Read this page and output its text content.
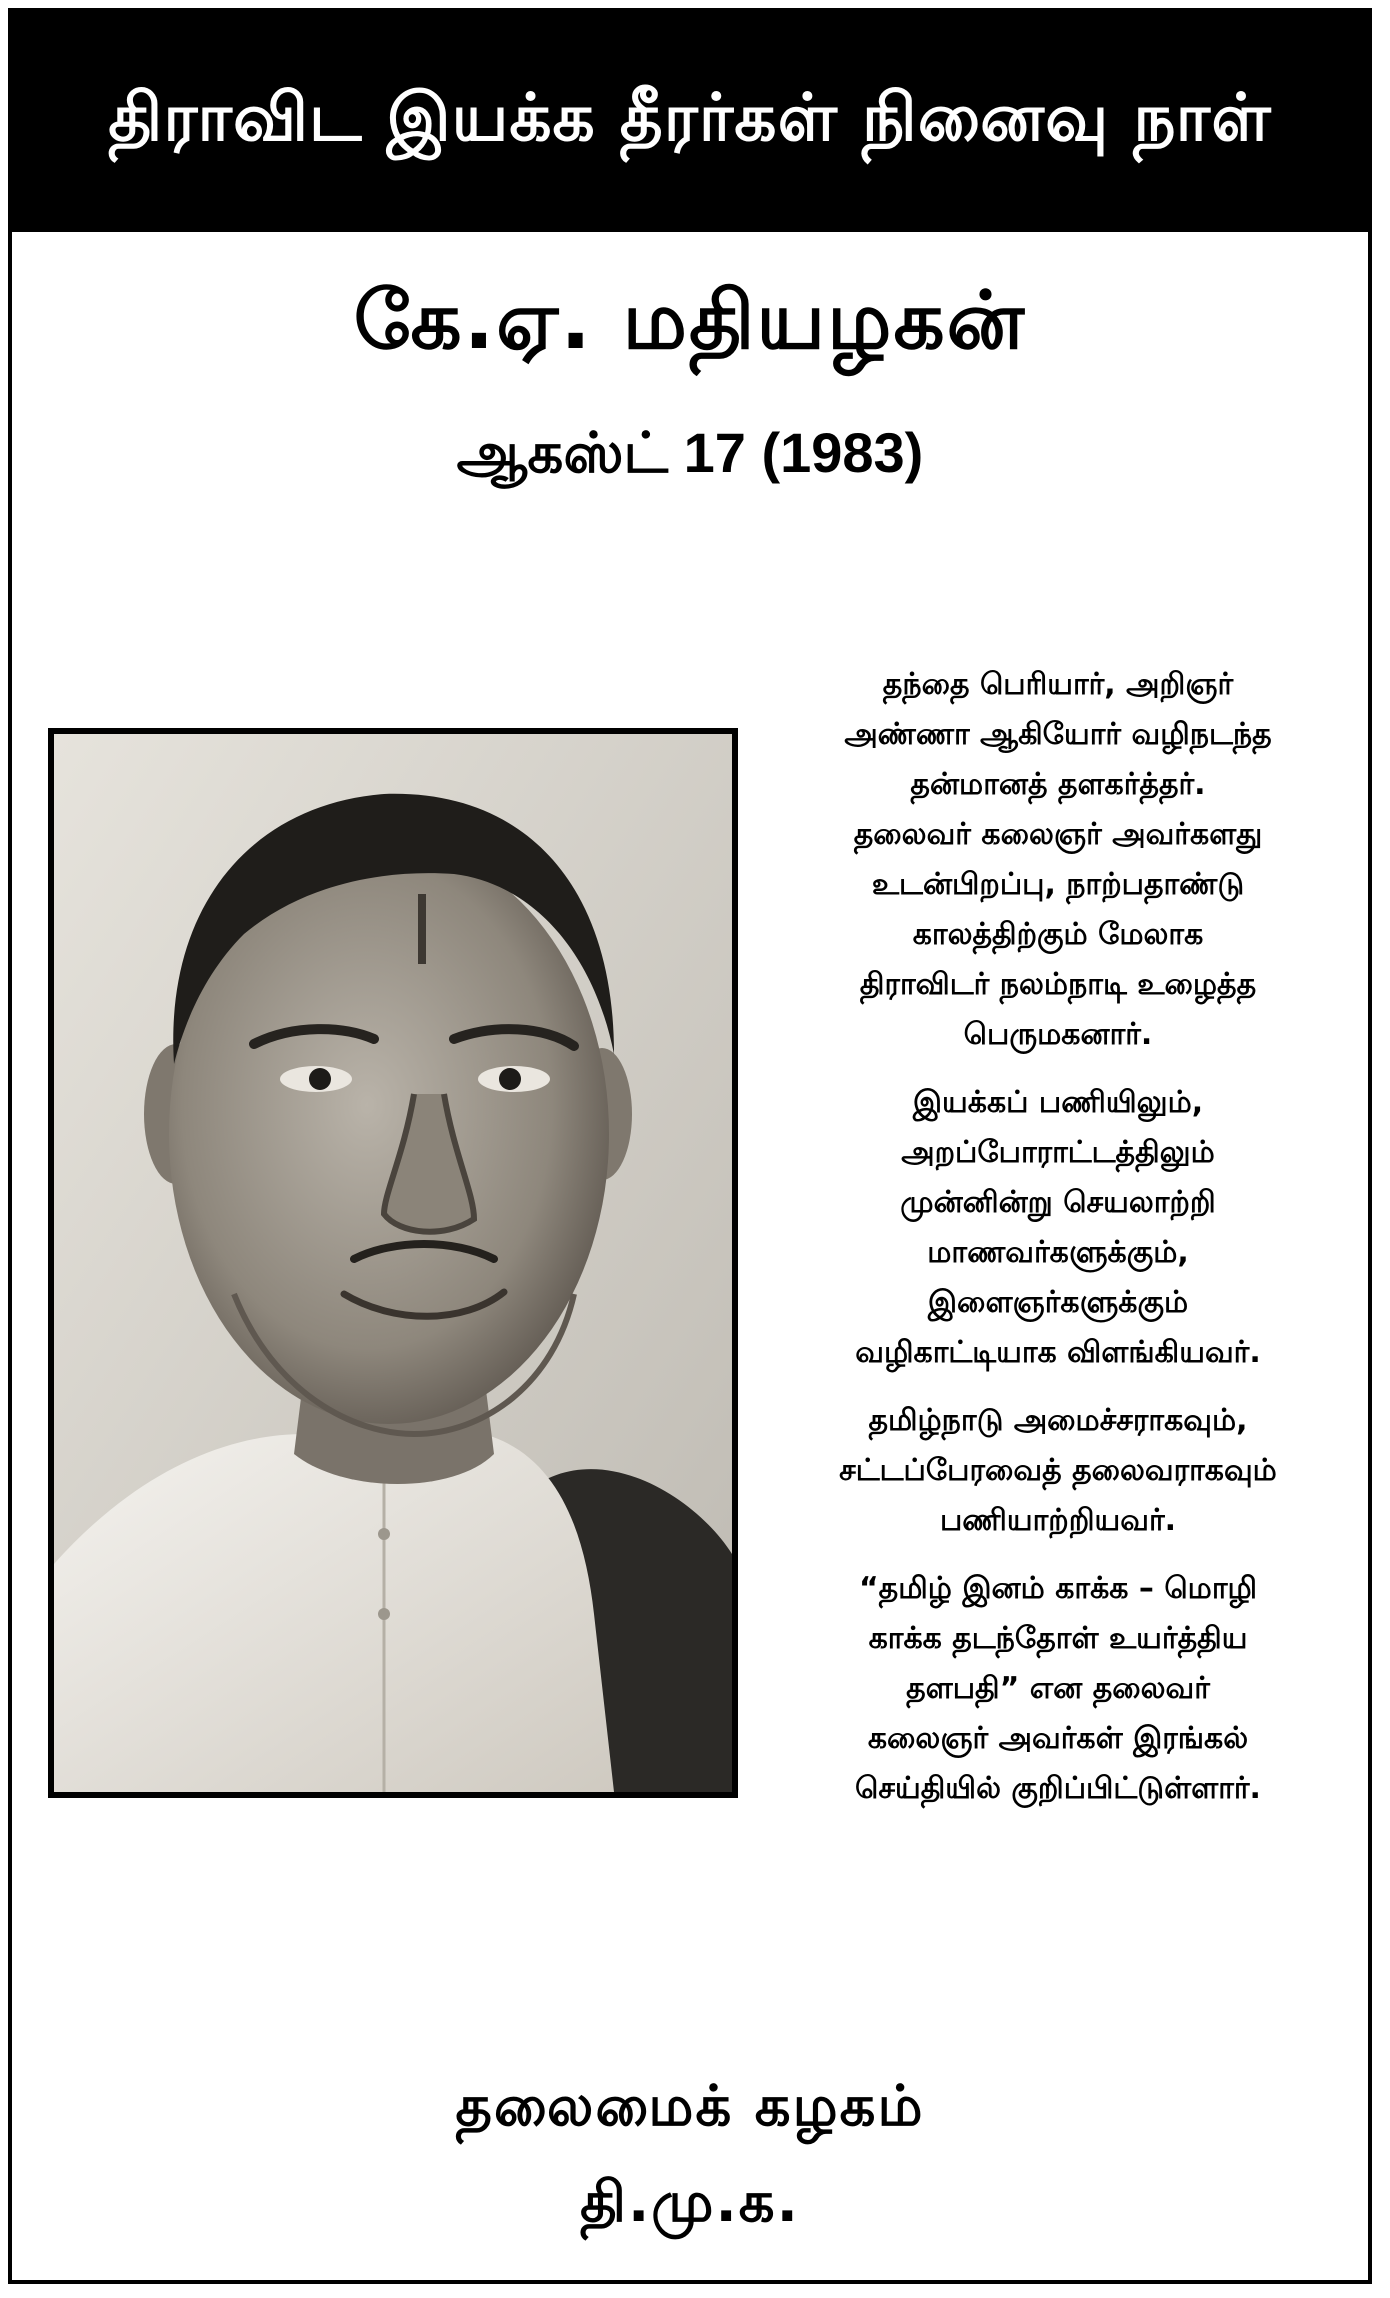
திராவிட இயக்க தீரர்கள் நினைவு நாள்
கே.ஏ. மதியழகன்
ஆகஸ்ட் 17 (1983)
தந்தை பெரியார், அறிஞர்
அண்ணா ஆகியோர் வழிநடந்த
தன்மானத் தளகர்த்தர்.
தலைவர் கலைஞர் அவர்களது
உடன்பிறப்பு, நாற்பதாண்டு
காலத்திற்கும் மேலாக
திராவிடர் நலம்நாடி உழைத்த
பெருமகனார்.
இயக்கப் பணியிலும்,
அறப்போராட்டத்திலும்
முன்னின்று செயலாற்றி
மாணவர்களுக்கும்,
இளைஞர்களுக்கும்
வழிகாட்டியாக விளங்கியவர்.
தமிழ்நாடு அமைச்சராகவும்,
சட்டப்பேரவைத் தலைவராகவும்
பணியாற்றியவர்.
“தமிழ் இனம் காக்க – மொழி
காக்க தடந்தோள் உயர்த்திய
தளபதி” என தலைவர்
கலைஞர் அவர்கள் இரங்கல்
செய்தியில் குறிப்பிட்டுள்ளார்.
தலைமைக் கழகம்
தி.மு.க.
